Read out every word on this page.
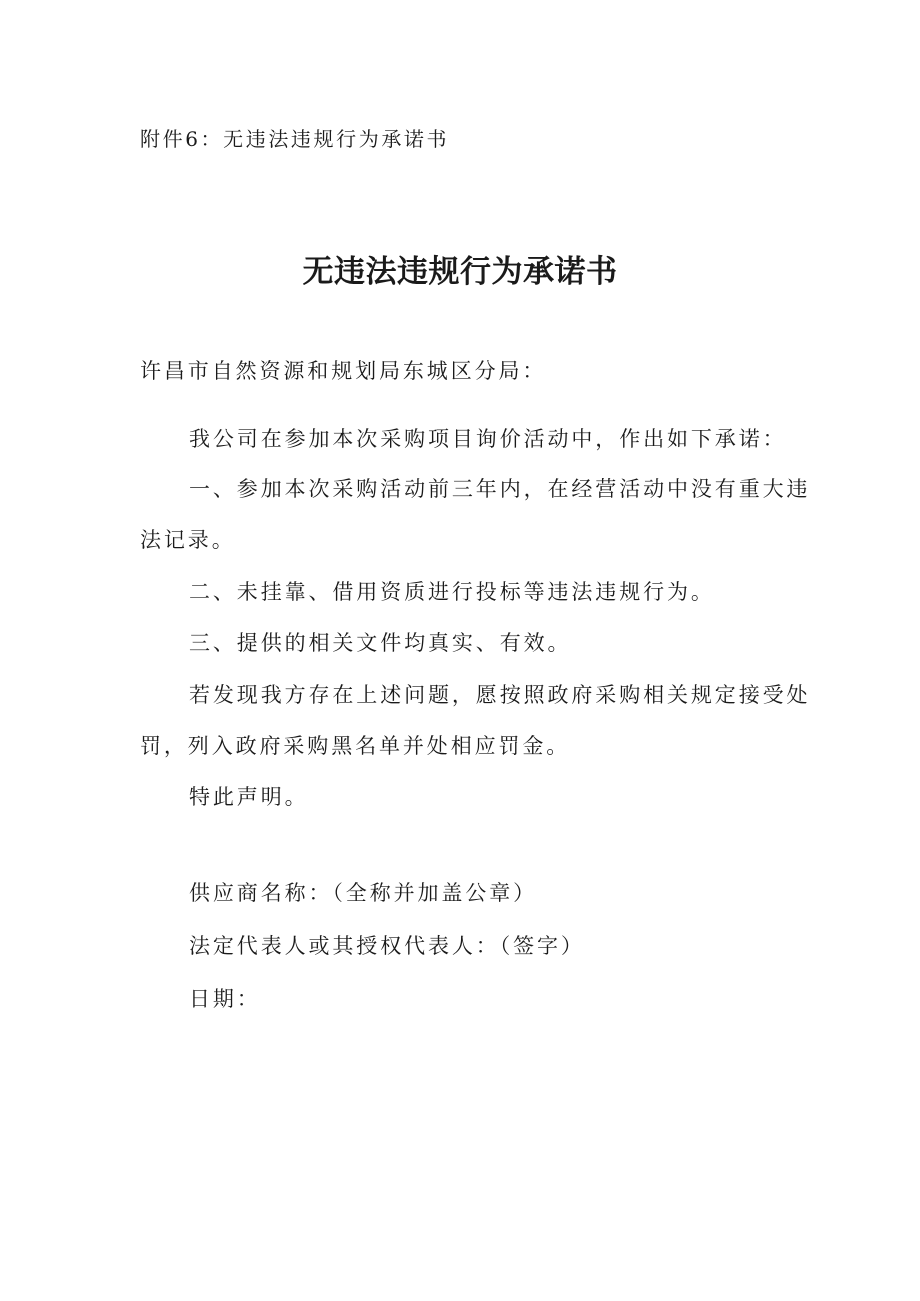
附件6：无违法违规行为承诺书

无违法违规行为承诺书

许昌市自然资源和规划局东城区分局：

我公司在参加本次采购项目询价活动中，作出如下承诺：

一、参加本次采购活动前三年内，在经营活动中没有重大违

法记录。

二、未挂靠、借用资质进行投标等违法违规行为。

三、提供的相关文件均真实、有效。

若发现我方存在上述问题，愿按照政府采购相关规定接受处

罚，列入政府采购黑名单并处相应罚金。

特此声明。

供应商名称：（全称并加盖公章）

法定代表人或其授权代表人：（签字）

日期：
